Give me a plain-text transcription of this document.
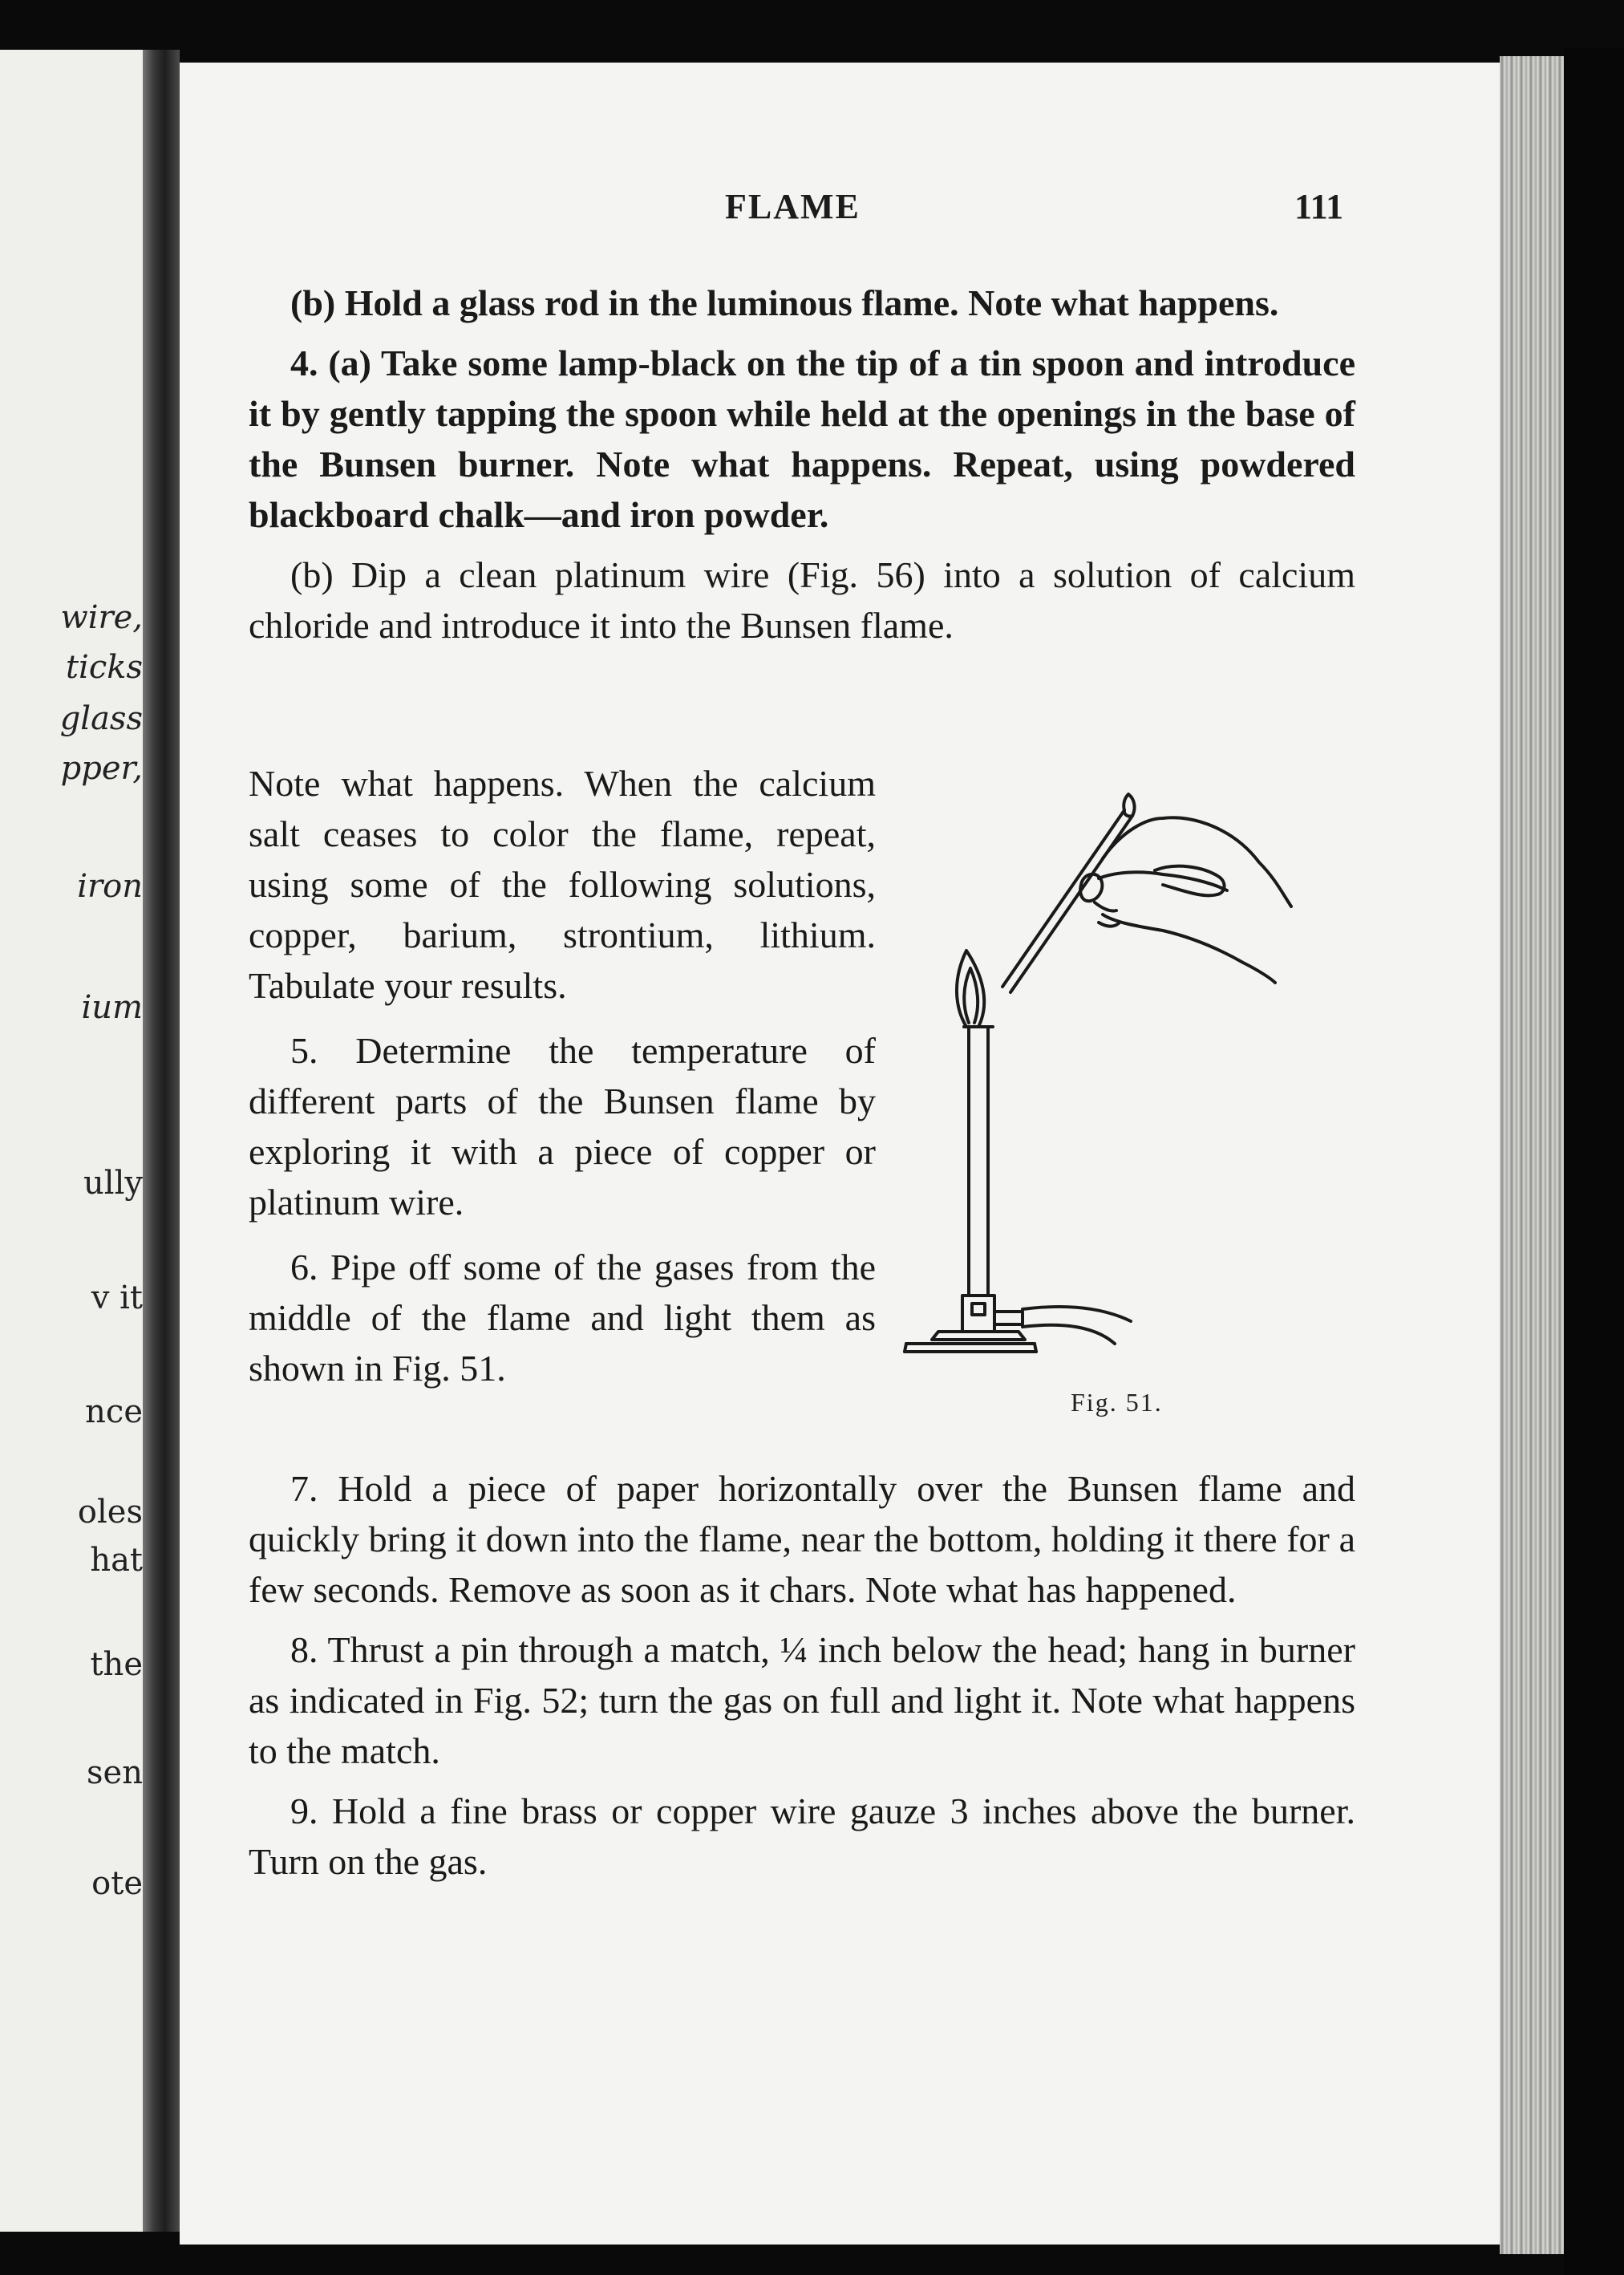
wire,
ticks
glass
pper,
iron
ium
ully
v it
nce
oles
hat
the
sen
ote
FLAME	111

(b) Hold a glass rod in the luminous flame. Note what happens.

4. (a) Take some lamp-black on the tip of a tin spoon and introduce it by gently tapping the spoon while held at the openings in the base of the Bunsen burner. Note what happens. Repeat, using powdered blackboard chalk—and iron powder.

(b) Dip a clean platinum wire (Fig. 56) into a solution of calcium chloride and introduce it into the Bunsen flame.

Note what happens. When the calcium salt ceases to color the flame, repeat, using some of the following solutions, copper, barium, strontium, lithium. Tabulate your results.

5. Determine the temperature of different parts of the Bunsen flame by exploring it with a piece of copper or platinum wire.

6. Pipe off some of the gases from the middle of the flame and light them as shown in Fig. 51.

7. Hold a piece of paper horizontally over the Bunsen flame and quickly bring it down into the flame, near the bottom, holding it there for a few seconds. Remove as soon as it chars. Note what has happened.

8. Thrust a pin through a match, ¼ inch below the head; hang in burner as indicated in Fig. 52; turn the gas on full and light it. Note what happens to the match.

9. Hold a fine brass or copper wire gauze 3 inches above the burner. Turn on the gas.

Fig. 51.
